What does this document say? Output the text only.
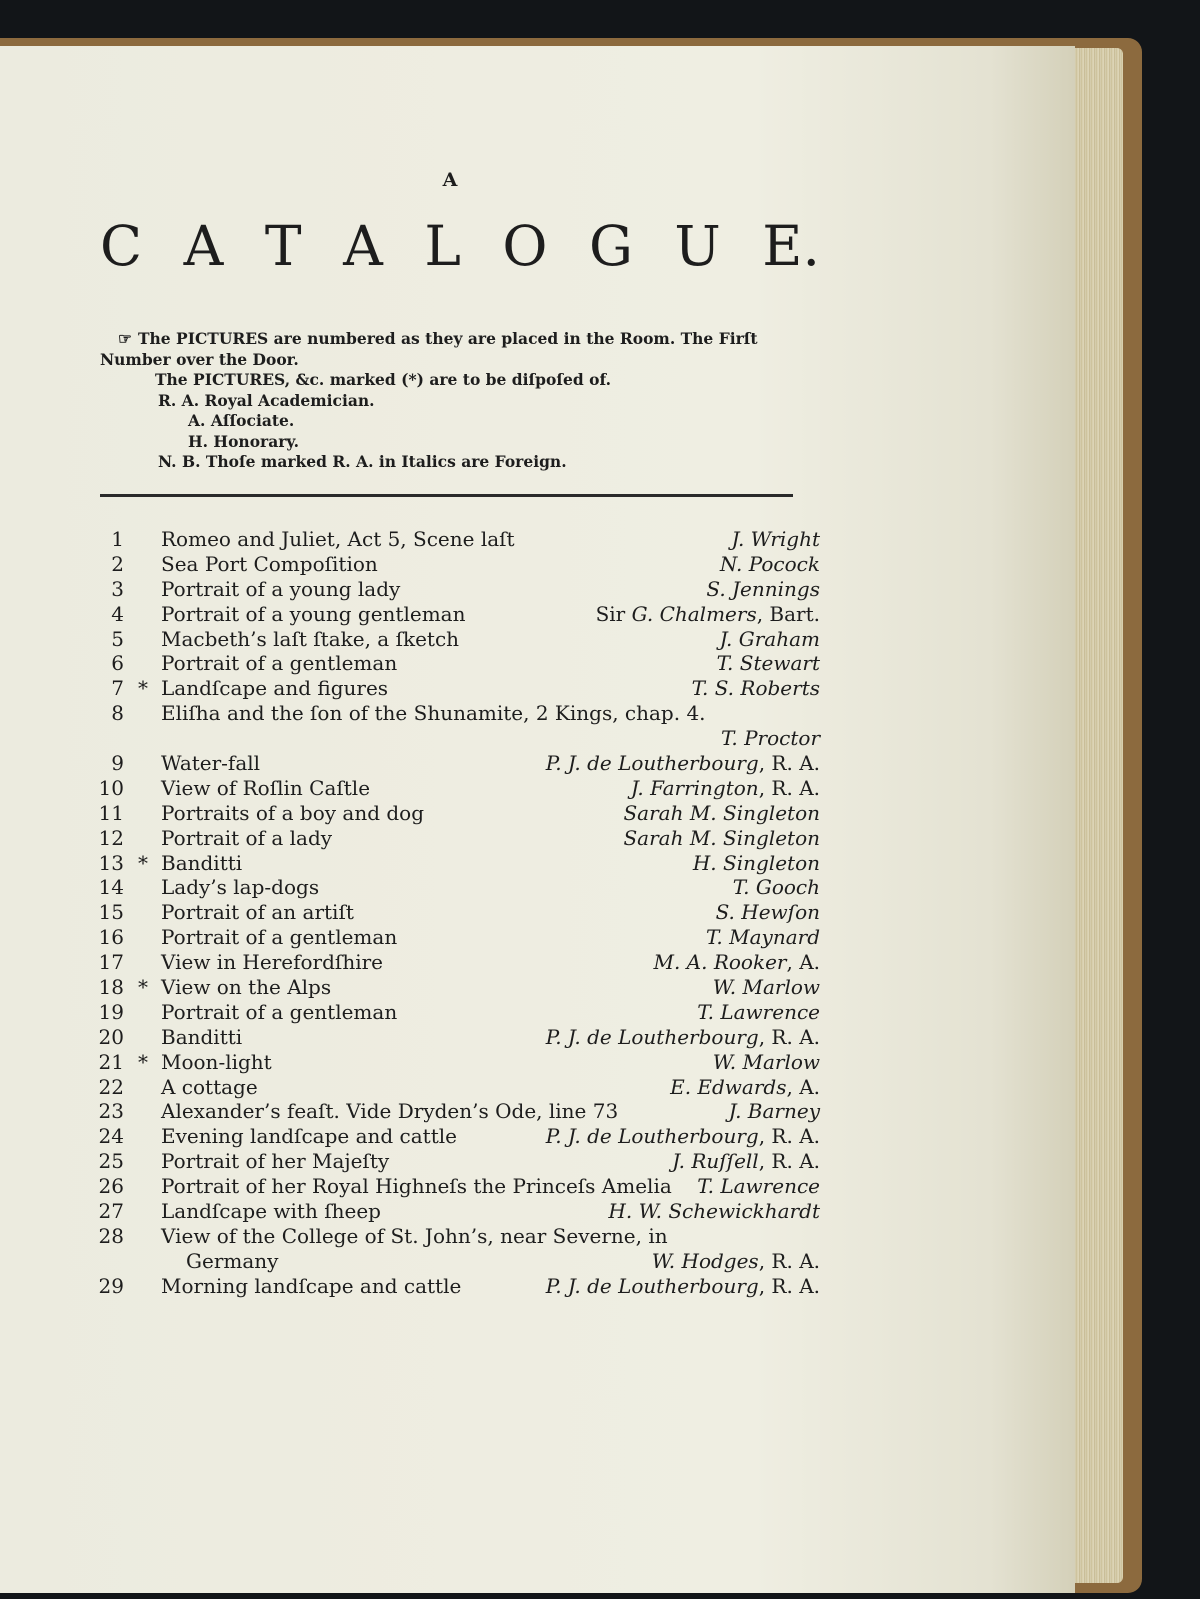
A
C A T A L O G U E.
☞ The PICTURES are numbered as they are placed in the Room. The Firſt
Number over the Door.
The PICTURES, &c. marked (*) are to be diſpoſed of.
R. A. Royal Academician.
A. Aſſociate.
H. Honorary.
N. B. Thoſe marked R. A. in Italics are Foreign.
1 Romeo and Juliet, Act 5, Scene laſt	J. Wright
2 Sea Port Compoſition	N. Pocock
3 Portrait of a young lady	S. Jennings
4 Portrait of a young gentleman	Sir G. Chalmers, Bart.
5 Macbeth’s laſt ſtake, a ſketch	J. Graham
6 Portrait of a gentleman	T. Stewart
7 * Landſcape and figures	T. S. Roberts
8 Eliſha and the ſon of the Shunamite, 2 Kings, chap. 4.
T. Proctor
9 Water-fall	P. J. de Loutherbourg, R. A.
10 View of Roſlin Caſtle	J. Farrington, R. A.
11 Portraits of a boy and dog	Sarah M. Singleton
12 Portrait of a lady	Sarah M. Singleton
13 * Banditti	H. Singleton
14 Lady’s lap-dogs	T. Gooch
15 Portrait of an artiſt	S. Hewſon
16 Portrait of a gentleman	T. Maynard
17 View in Herefordſhire	M. A. Rooker, A.
18 * View on the Alps	W. Marlow
19 Portrait of a gentleman	T. Lawrence
20 Banditti	P. J. de Loutherbourg, R. A.
21 * Moon-light	W. Marlow
22 A cottage	E. Edwards, A.
23 Alexander’s feaſt. Vide Dryden’s Ode, line 73	J. Barney
24 Evening landſcape and cattle	P. J. de Loutherbourg, R. A.
25 Portrait of her Majeſty	J. Ruſſell, R. A.
26 Portrait of her Royal Highneſs the Princeſs Amelia T. Lawrence
27 Landſcape with ſheep	H. W. Schewickhardt
28 View of the College of St. John’s, near Severne, in
Germany	W. Hodges, R. A.
29 Morning landſcape and cattle	P. J. de Loutherbourg, R. A.
